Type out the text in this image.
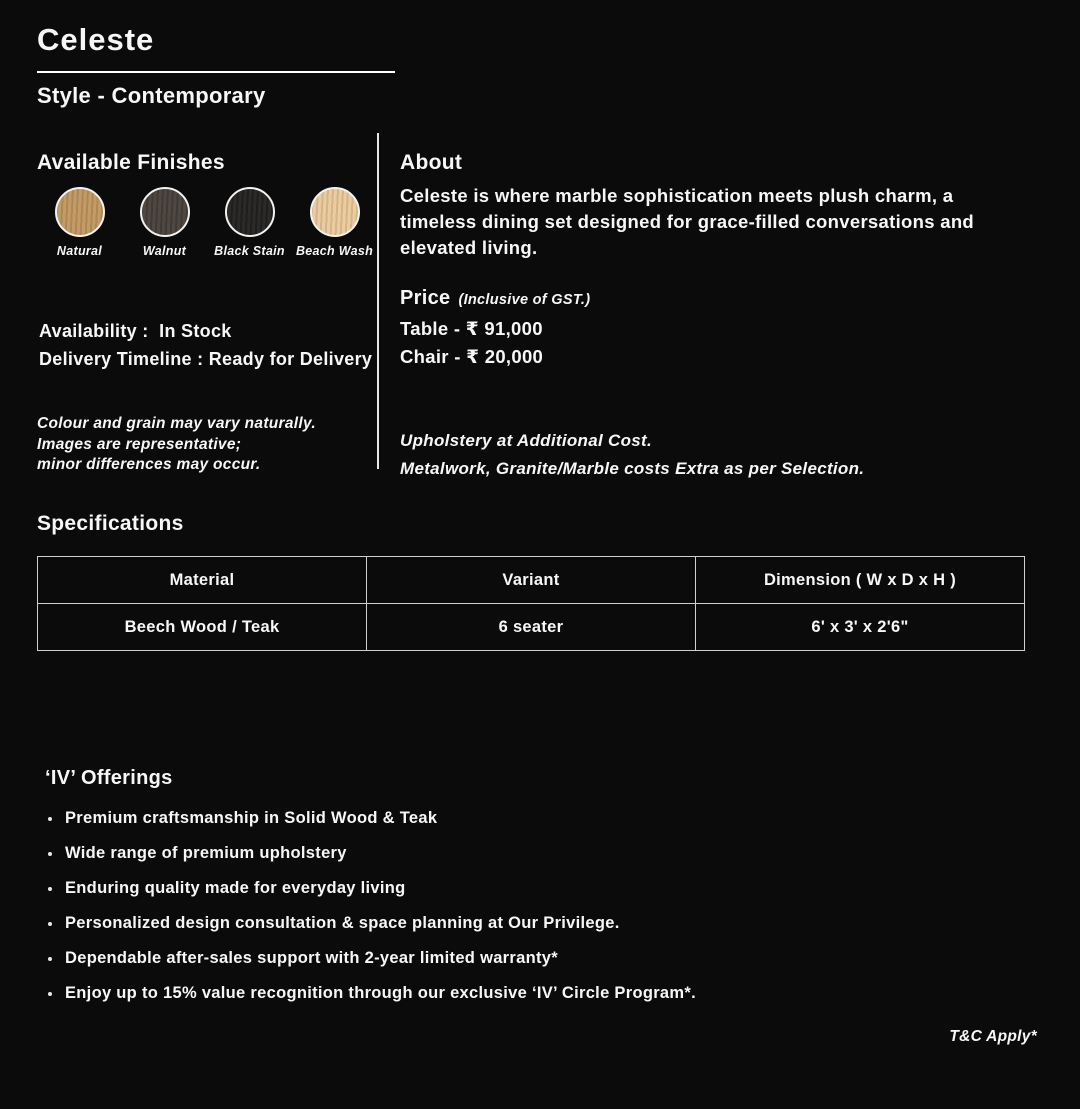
Celeste
Style - Contemporary
Available Finishes
Natural	Walnut Black Stain Beach Wash
Availability :  In Stock
Delivery Timeline : Ready for Delivery
Colour and grain may vary naturally.
Images are representative;
minor differences may occur.
About
Celeste is where marble sophistication meets plush charm, a timeless dining set designed for grace-filled conversations and elevated living.
Price (Inclusive of GST.)
Table - ₹ 91,000
Chair - ₹ 20,000
Upholstery at Additional Cost.
Metalwork, Granite/Marble costs Extra as per Selection.
Specifications
Material	Variant	Dimension ( W x D x H )
Beech Wood / Teak	6 seater	6' x 3' x 2'6"
‘IV’ Offerings
Premium craftsmanship in Solid Wood & Teak
Wide range of premium upholstery
Enduring quality made for everyday living
Personalized design consultation & space planning at Our Privilege.
Dependable after-sales support with 2-year limited warranty*
Enjoy up to 15% value recognition through our exclusive ‘IV’ Circle Program*.
T&C Apply*
